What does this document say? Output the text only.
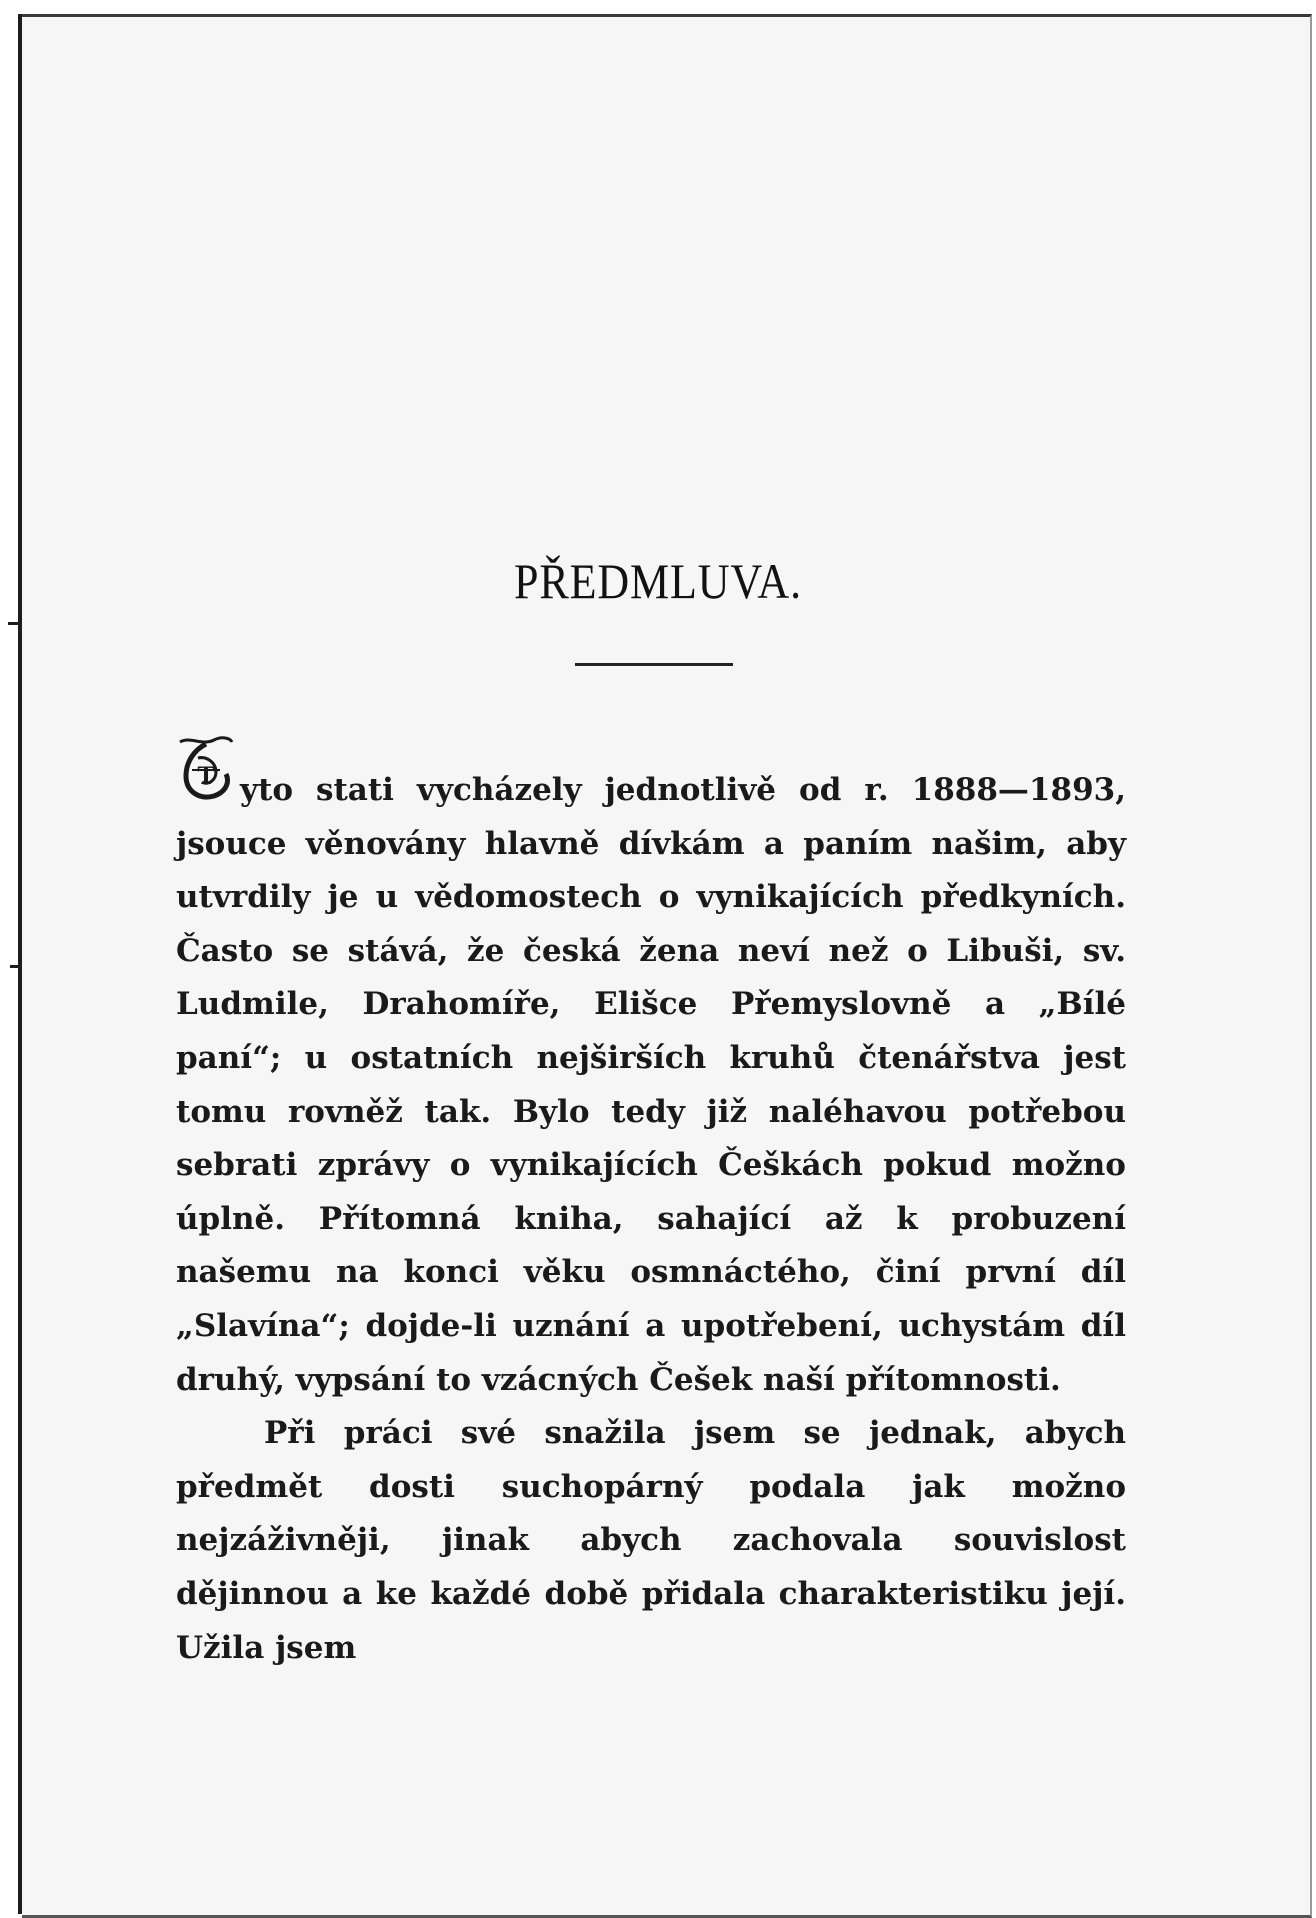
PŘEDMLUVA.
T yto stati vycházely jednotlivě od r. 1888—1893, jsouce věnovány hlavně dívkám a paním našim, aby utvrdily je u vědomostech o vynikajících předkyních. Často se stává, že česká žena neví než o Libuši, sv. Ludmile, Drahomíře, Elišce Přemyslovně a „Bílé paní“; u ostatních nejširších kruhů čtenářstva jest tomu rovněž tak. Bylo tedy již naléhavou potřebou sebrati zprávy o vynikajících Češkách pokud možno úplně. Přítomná kniha, sahající až k probuzení našemu na konci věku osmnáctého, činí první díl „Slavína“; dojde-li uznání a upotřebení, uchystám díl druhý, vypsání to vzácných Češek naší přítomnosti.

Při práci své snažila jsem se jednak, abych předmět dosti suchopárný podala jak možno nejzáživněji, jinak abych zachovala souvislost dějinnou a ke každé době přidala charakteristiku její. Užila jsem
